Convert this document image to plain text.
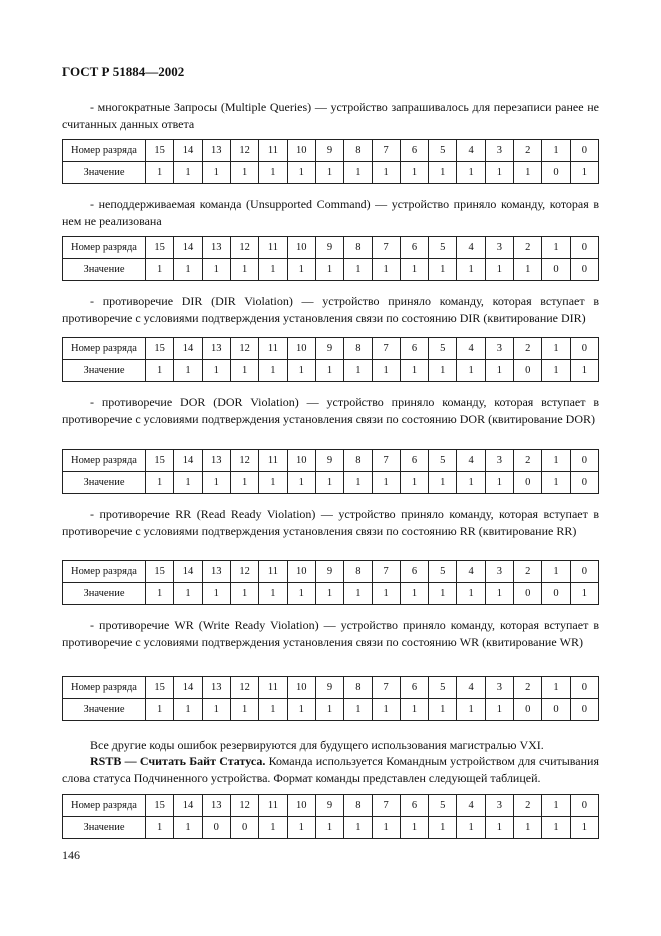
ГОСТ Р 51884—2002
- многократные Запросы (Multiple Queries) — устройство запрашивалось для перезаписи ранее не считанных данных ответа
Номер разряда	15	14	13	12	11	10	9	8	7	6	5	4	3	2	1	0
Значение	1	1	1	1	1	1	1	1	1	1	1	1	1	1	0	1
- неподдерживаемая команда (Unsupported Command) — устройство приняло команду, которая в нем не реализована
Номер разряда	15	14	13	12	11	10	9	8	7	6	5	4	3	2	1	0
Значение	1	1	1	1	1	1	1	1	1	1	1	1	1	1	0	0
- противоречие DIR (DIR Violation) — устройство приняло команду, которая вступает в противоречие с условиями подтверждения установления связи по состоянию DIR (квитирование DIR)
Номер разряда	15	14	13	12	11	10	9	8	7	6	5	4	3	2	1	0
Значение	1	1	1	1	1	1	1	1	1	1	1	1	1	0	1	1
- противоречие DOR (DOR Violation) — устройство приняло команду, которая вступает в противоречие с условиями подтверждения установления связи по состоянию DOR (квитирование DOR)
Номер разряда	15	14	13	12	11	10	9	8	7	6	5	4	3	2	1	0
Значение	1	1	1	1	1	1	1	1	1	1	1	1	1	0	1	0
- противоречие RR (Read Ready Violation) — устройство приняло команду, которая вступает в противоречие с условиями подтверждения установления связи по состоянию RR (квитирование RR)
Номер разряда	15	14	13	12	11	10	9	8	7	6	5	4	3	2	1	0
Значение	1	1	1	1	1	1	1	1	1	1	1	1	1	0	0	1
- противоречие WR (Write Ready Violation) — устройство приняло команду, которая вступает в противоречие с условиями подтверждения установления связи по состоянию WR (квитирование WR)
Номер разряда	15	14	13	12	11	10	9	8	7	6	5	4	3	2	1	0
Значение	1	1	1	1	1	1	1	1	1	1	1	1	1	0	0	0
Все другие коды ошибок резервируются для будущего использования магистралью VXI.
RSTB — Считать Байт Статуса. Команда используется Командным устройством для считывания слова статуса Подчиненного устройства. Формат команды представлен следующей таблицей.
Номер разряда	15	14	13	12	11	10	9	8	7	6	5	4	3	2	1	0
Значение	1	1	0	0	1	1	1	1	1	1	1	1	1	1	1	1
146
